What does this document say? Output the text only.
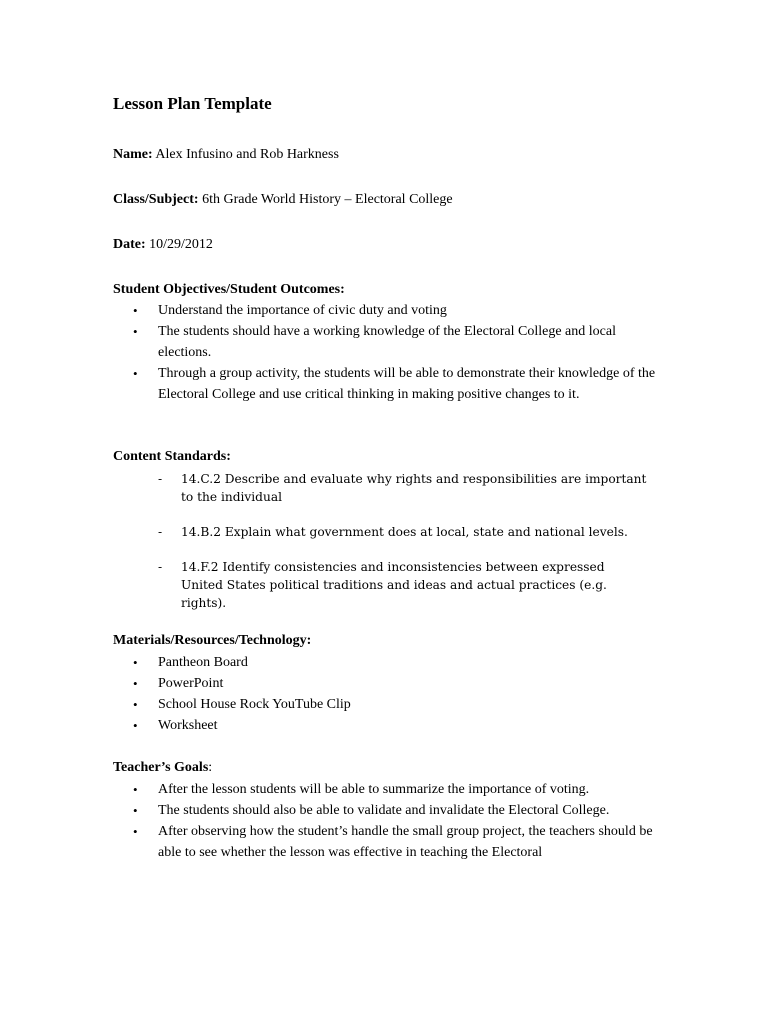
Lesson Plan Template
Name: Alex Infusino and Rob Harkness
Class/Subject: 6th Grade World History – Electoral College
Date: 10/29/2012
Student Objectives/Student Outcomes:
• Understand the importance of civic duty and voting
• The students should have a working knowledge of the Electoral College and local elections.
• Through a group activity, the students will be able to demonstrate their knowledge of the Electoral College and use critical thinking in making positive changes to it.
Content Standards:
- 14.C.2 Describe and evaluate why rights and responsibilities are important to the individual
- 14.B.2 Explain what government does at local, state and national levels.
- 14.F.2 Identify consistencies and inconsistencies between expressed United States political traditions and ideas and actual practices (e.g. rights).
Materials/Resources/Technology:
• Pantheon Board
• PowerPoint
• School House Rock YouTube Clip
• Worksheet
Teacher’s Goals:
• After the lesson students will be able to summarize the importance of voting.
• The students should also be able to validate and invalidate the Electoral College.
• After observing how the student’s handle the small group project, the teachers should be able to see whether the lesson was effective in teaching the Electoral
